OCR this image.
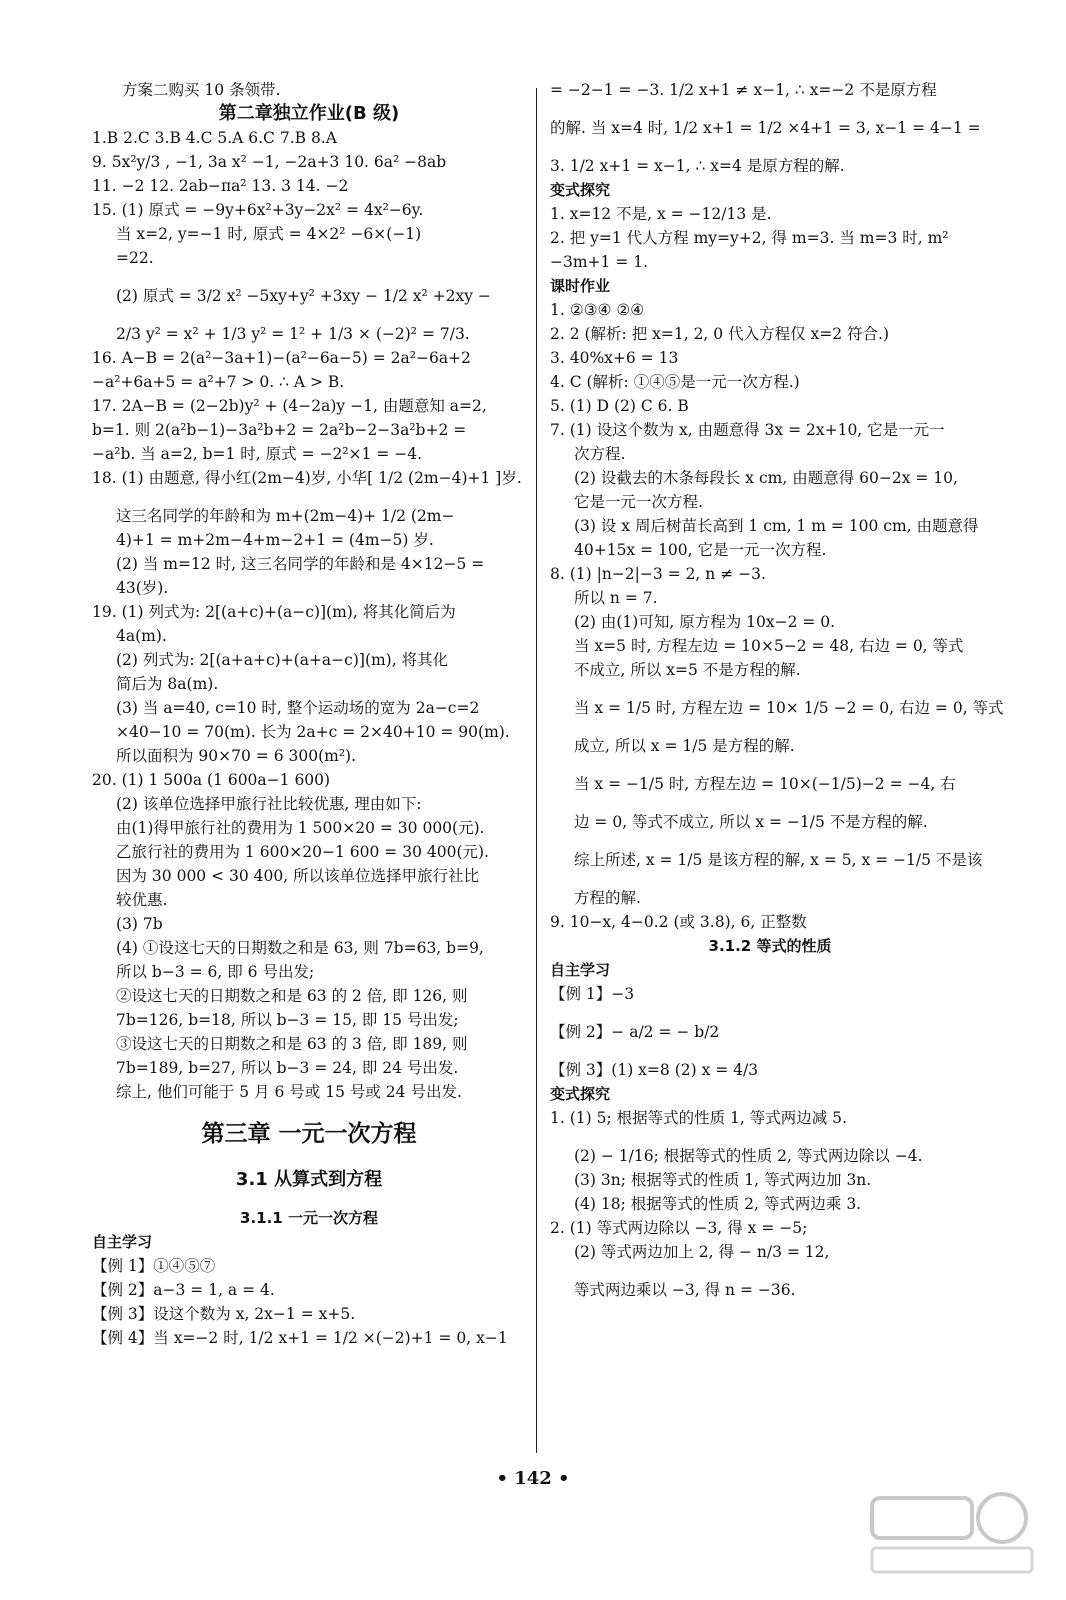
方案二购买 10 条领带.
第二章独立作业(B 级)
1.B 2.C 3.B 4.C 5.A 6.C 7.B 8.A
9. 5x²y/3 , −1, 3a x² −1, −2a+3 10. 6a² −8ab
11. −2 12. 2ab−πa² 13. 3 14. −2
15. (1) 原式 = −9y+6x²+3y−2x² = 4x²−6y.
当 x=2, y=−1 时, 原式 = 4×2² −6×(−1)
=22.
(2) 原式 = 3/2 x² −5xy+y² +3xy − 1/2 x² +2xy −
2/3 y² = x² + 1/3 y² = 1² + 1/3 × (−2)² = 7/3.
16. A−B = 2(a²−3a+1)−(a²−6a−5) = 2a²−6a+2
−a²+6a+5 = a²+7 > 0. ∴ A > B.
17. 2A−B = (2−2b)y² + (4−2a)y −1, 由题意知 a=2,
b=1. 则 2(a²b−1)−3a²b+2 = 2a²b−2−3a²b+2 =
−a²b. 当 a=2, b=1 时, 原式 = −2²×1 = −4.
18. (1) 由题意, 得小红(2m−4)岁, 小华[ 1/2 (2m−4)+1 ]岁.
这三名同学的年龄和为 m+(2m−4)+ 1/2 (2m−
4)+1 = m+2m−4+m−2+1 = (4m−5) 岁.
(2) 当 m=12 时, 这三名同学的年龄和是 4×12−5 =
43(岁).
19. (1) 列式为: 2[(a+c)+(a−c)](m), 将其化简后为
4a(m).
(2) 列式为: 2[(a+a+c)+(a+a−c)](m), 将其化
简后为 8a(m).
(3) 当 a=40, c=10 时, 整个运动场的宽为 2a−c=2
×40−10 = 70(m). 长为 2a+c = 2×40+10 = 90(m).
所以面积为 90×70 = 6 300(m²).
20. (1) 1 500a (1 600a−1 600)
(2) 该单位选择甲旅行社比较优惠, 理由如下:
由(1)得甲旅行社的费用为 1 500×20 = 30 000(元).
乙旅行社的费用为 1 600×20−1 600 = 30 400(元).
因为 30 000 < 30 400, 所以该单位选择甲旅行社比
较优惠.
(3) 7b
(4) ①设这七天的日期数之和是 63, 则 7b=63, b=9,
所以 b−3 = 6, 即 6 号出发;
②设这七天的日期数之和是 63 的 2 倍, 即 126, 则
7b=126, b=18, 所以 b−3 = 15, 即 15 号出发;
③设这七天的日期数之和是 63 的 3 倍, 即 189, 则
7b=189, b=27, 所以 b−3 = 24, 即 24 号出发.
综上, 他们可能于 5 月 6 号或 15 号或 24 号出发.
第三章 一元一次方程
3.1 从算式到方程
3.1.1 一元一次方程
自主学习
【例 1】①④⑤⑦
【例 2】a−3 = 1, a = 4.
【例 3】设这个数为 x, 2x−1 = x+5.
【例 4】当 x=−2 时, 1/2 x+1 = 1/2 ×(−2)+1 = 0, x−1
= −2−1 = −3. 1/2 x+1 ≠ x−1, ∴ x=−2 不是原方程
的解. 当 x=4 时, 1/2 x+1 = 1/2 ×4+1 = 3, x−1 = 4−1 =
3. 1/2 x+1 = x−1, ∴ x=4 是原方程的解.
变式探究
1. x=12 不是, x = −12/13 是.
2. 把 y=1 代人方程 my=y+2, 得 m=3. 当 m=3 时, m²
−3m+1 = 1.
课时作业
1. ②③④ ②④
2. 2 (解析: 把 x=1, 2, 0 代入方程仅 x=2 符合.)
3. 40%x+6 = 13
4. C (解析: ①④⑤是一元一次方程.)
5. (1) D (2) C 6. B
7. (1) 设这个数为 x, 由题意得 3x = 2x+10, 它是一元一
次方程.
(2) 设截去的木条每段长 x cm, 由题意得 60−2x = 10,
它是一元一次方程.
(3) 设 x 周后树苗长高到 1 cm, 1 m = 100 cm, 由题意得
40+15x = 100, 它是一元一次方程.
8. (1) |n−2|−3 = 2, n ≠ −3.
所以 n = 7.
(2) 由(1)可知, 原方程为 10x−2 = 0.
当 x=5 时, 方程左边 = 10×5−2 = 48, 右边 = 0, 等式
不成立, 所以 x=5 不是方程的解.
当 x = 1/5 时, 方程左边 = 10× 1/5 −2 = 0, 右边 = 0, 等式
成立, 所以 x = 1/5 是方程的解.
当 x = −1/5 时, 方程左边 = 10×(−1/5)−2 = −4, 右
边 = 0, 等式不成立, 所以 x = −1/5 不是方程的解.
综上所述, x = 1/5 是该方程的解, x = 5, x = −1/5 不是该
方程的解.
9. 10−x, 4−0.2 (或 3.8), 6, 正整数
3.1.2 等式的性质
自主学习
【例 1】−3
【例 2】− a/2 = − b/2
【例 3】(1) x=8 (2) x = 4/3
变式探究
1. (1) 5; 根据等式的性质 1, 等式两边减 5.
(2) − 1/16; 根据等式的性质 2, 等式两边除以 −4.
(3) 3n; 根据等式的性质 1, 等式两边加 3n.
(4) 18; 根据等式的性质 2, 等式两边乘 3.
2. (1) 等式两边除以 −3, 得 x = −5;
(2) 等式两边加上 2, 得 − n/3 = 12,
等式两边乘以 −3, 得 n = −36.
• 142 •
